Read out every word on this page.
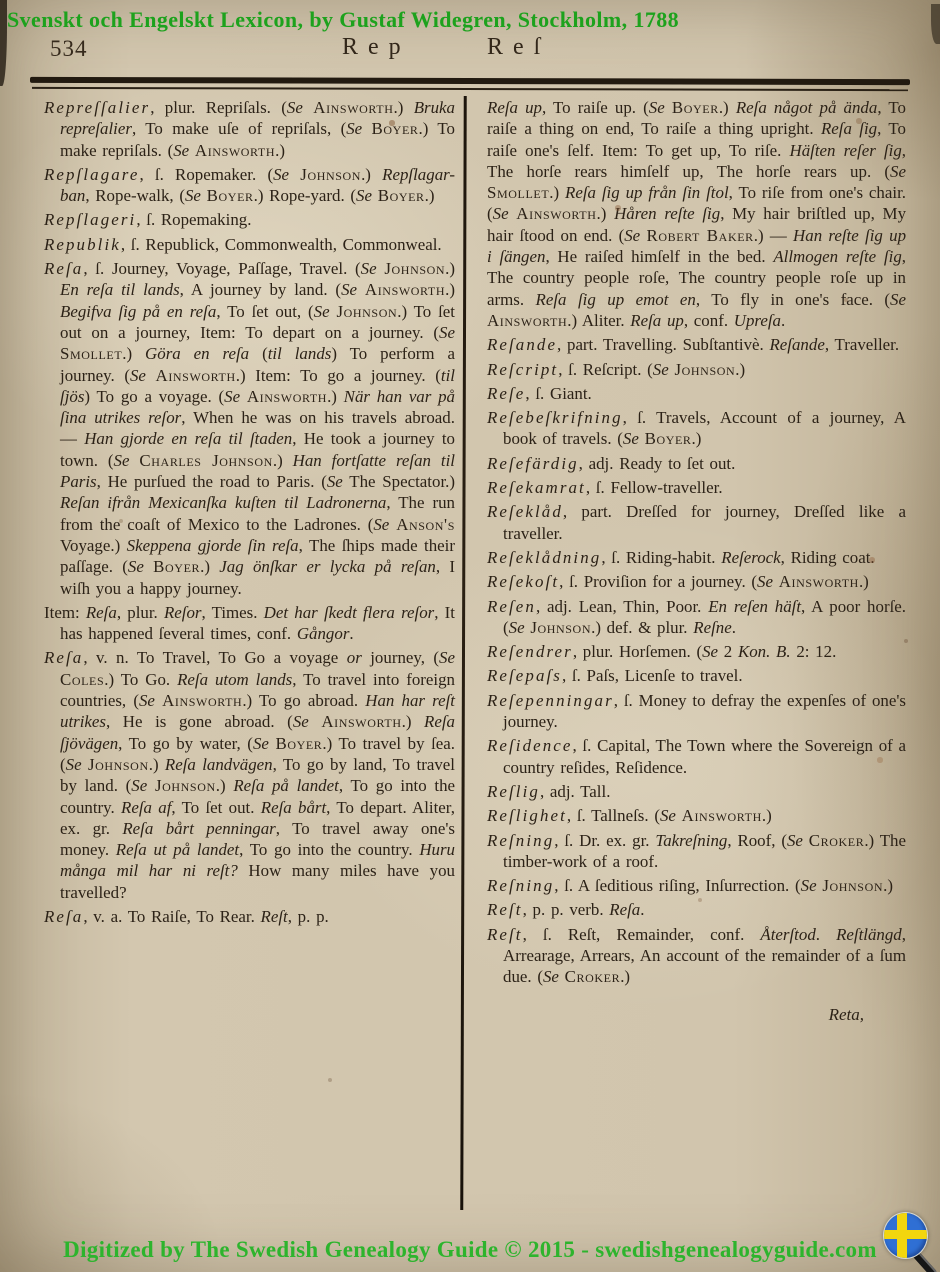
Svenskt och Engelskt Lexicon, by Gustaf Widegren, Stockholm, 1788
534	Rep	Reſ

Repreſſalier, plur. Repriſals. (Se Ainsworth.) Bruka repreſalier, To make uſe of repriſals, (Se Boyer.) To make repriſals. (Se Ainsworth.)

Repſlagare, ſ. Ropemaker. (Se Johnson.) Repſlagar-ban, Rope-walk, (Se Boyer.) Rope-yard. (Se Boyer.)

Repſlageri, ſ. Ropemaking.

Republik, ſ. Republick, Commonwealth, Commonweal.

Reſa, ſ. Journey, Voyage, Paſſage, Travel. (Se Johnson.) En reſa til lands, A journey by land. (Se Ainsworth.) Begifva ſig på en reſa, To ſet out, (Se Johnson.) To ſet out on a journey, Item: To depart on a journey. (Se Smollet.) Göra en reſa (til lands) To perform a journey. (Se Ainsworth.) Item: To go a journey. (til ſjös) To go a voyage. (Se Ainsworth.) När han var på ſina utrikes reſor, When he was on his travels abroad. — Han gjorde en reſa til ſtaden, He took a journey to town. (Se Charles Johnson.) Han fortſatte reſan til Paris, He purſued the road to Paris. (Se The Spectator.) Reſan ifrån Mexicanſka kuſten til Ladronerna, The run from the coaſt of Mexico to the Ladrones. (Se Anson's Voyage.) Skeppena gjorde ſin reſa, The ſhips made their paſſage. (Se Boyer.) Jag önſkar er lycka på reſan, I wiſh you a happy journey.

Item: Reſa, plur. Reſor, Times. Det har ſkedt flera reſor, It has happened ſeveral times, conf. Gångor.

Reſa, v. n. To Travel, To Go a voyage or journey, (Se Coles.) To Go. Reſa utom lands, To travel into foreign countries, (Se Ainsworth.) To go abroad. Han har reſt utrikes, He is gone abroad. (Se Ainsworth.) Reſa ſjövägen, To go by water, (Se Boyer.) To travel by ſea. (Se Johnson.) Reſa landvägen, To go by land, To travel by land. (Se Johnson.) Reſa på landet, To go into the country. Reſa af, To ſet out. Reſa bårt, To depart. Aliter, ex. gr. Reſa bårt penningar, To travel away one's money. Reſa ut på landet, To go into the country. Huru många mil har ni reſt? How many miles have you travelled?

Reſa, v. a. To Raiſe, To Rear. Reſt, p. p.

Reſa up, To raiſe up. (Se Boyer.) Reſa något på ända, To raiſe a thing on end, To raiſe a thing upright. Reſa ſig, To raiſe one's ſelf. Item: To get up, To riſe. Häſten reſer ſig, The horſe rears himſelf up, The horſe rears up. (Se Smollet.) Reſa ſig up från ſin ſtol, To riſe from one's chair. (Se Ainsworth.) Håren reſte ſig, My hair briſtled up, My hair ſtood on end. (Se Robert Baker.) — Han reſte ſig up i ſängen, He raiſed himſelf in the bed. Allmogen reſte ſig, The country people roſe, The country people roſe up in arms. Reſa ſig up emot en, To fly in one's face. (Se Ainsworth.) Aliter. Reſa up, conf. Upreſa.

Reſande, part. Travelling. Subſtantivè. Reſande, Traveller.

Reſcript, ſ. Reſcript. (Se Johnson.)

Reſe, ſ. Giant.

Reſebeſkrifning, ſ. Travels, Account of a journey, A book of travels. (Se Boyer.)

Reſefärdig, adj. Ready to ſet out.

Reſekamrat, ſ. Fellow-traveller.

Reſeklåd, part. Dreſſed for journey, Dreſſed like a traveller.

Reſeklådning, ſ. Riding-habit. Reſerock, Riding coat.

Reſekoſt, ſ. Proviſion for a journey. (Se Ainsworth.)

Reſen, adj. Lean, Thin, Poor. En reſen häſt, A poor horſe. (Se Johnson.) def. & plur. Reſne.

Reſendrer, plur. Horſemen. (Se 2 Kon. B. 2: 12.

Reſepaſs, ſ. Paſs, Licenſe to travel.

Reſepenningar, ſ. Money to defray the expenſes of one's journey.

Reſidence, ſ. Capital, The Town where the Sovereign of a country reſides, Reſidence.

Reſlig, adj. Tall.

Reſlighet, ſ. Tallneſs. (Se Ainsworth.)

Reſning, ſ. Dr. ex. gr. Takreſning, Roof, (Se Croker.) The timber-work of a roof.

Reſning, ſ. A ſeditious riſing, Inſurrection. (Se Johnson.)

Reſt, p. p. verb. Reſa.

Reſt, ſ. Reſt, Remainder, conf. Återſtod. Reſtlängd, Arrearage, Arrears, An account of the remainder of a ſum due. (Se Croker.)

Reta,

Digitized by The Swedish Genealogy Guide © 2015 - swedishgenealogyguide.com
